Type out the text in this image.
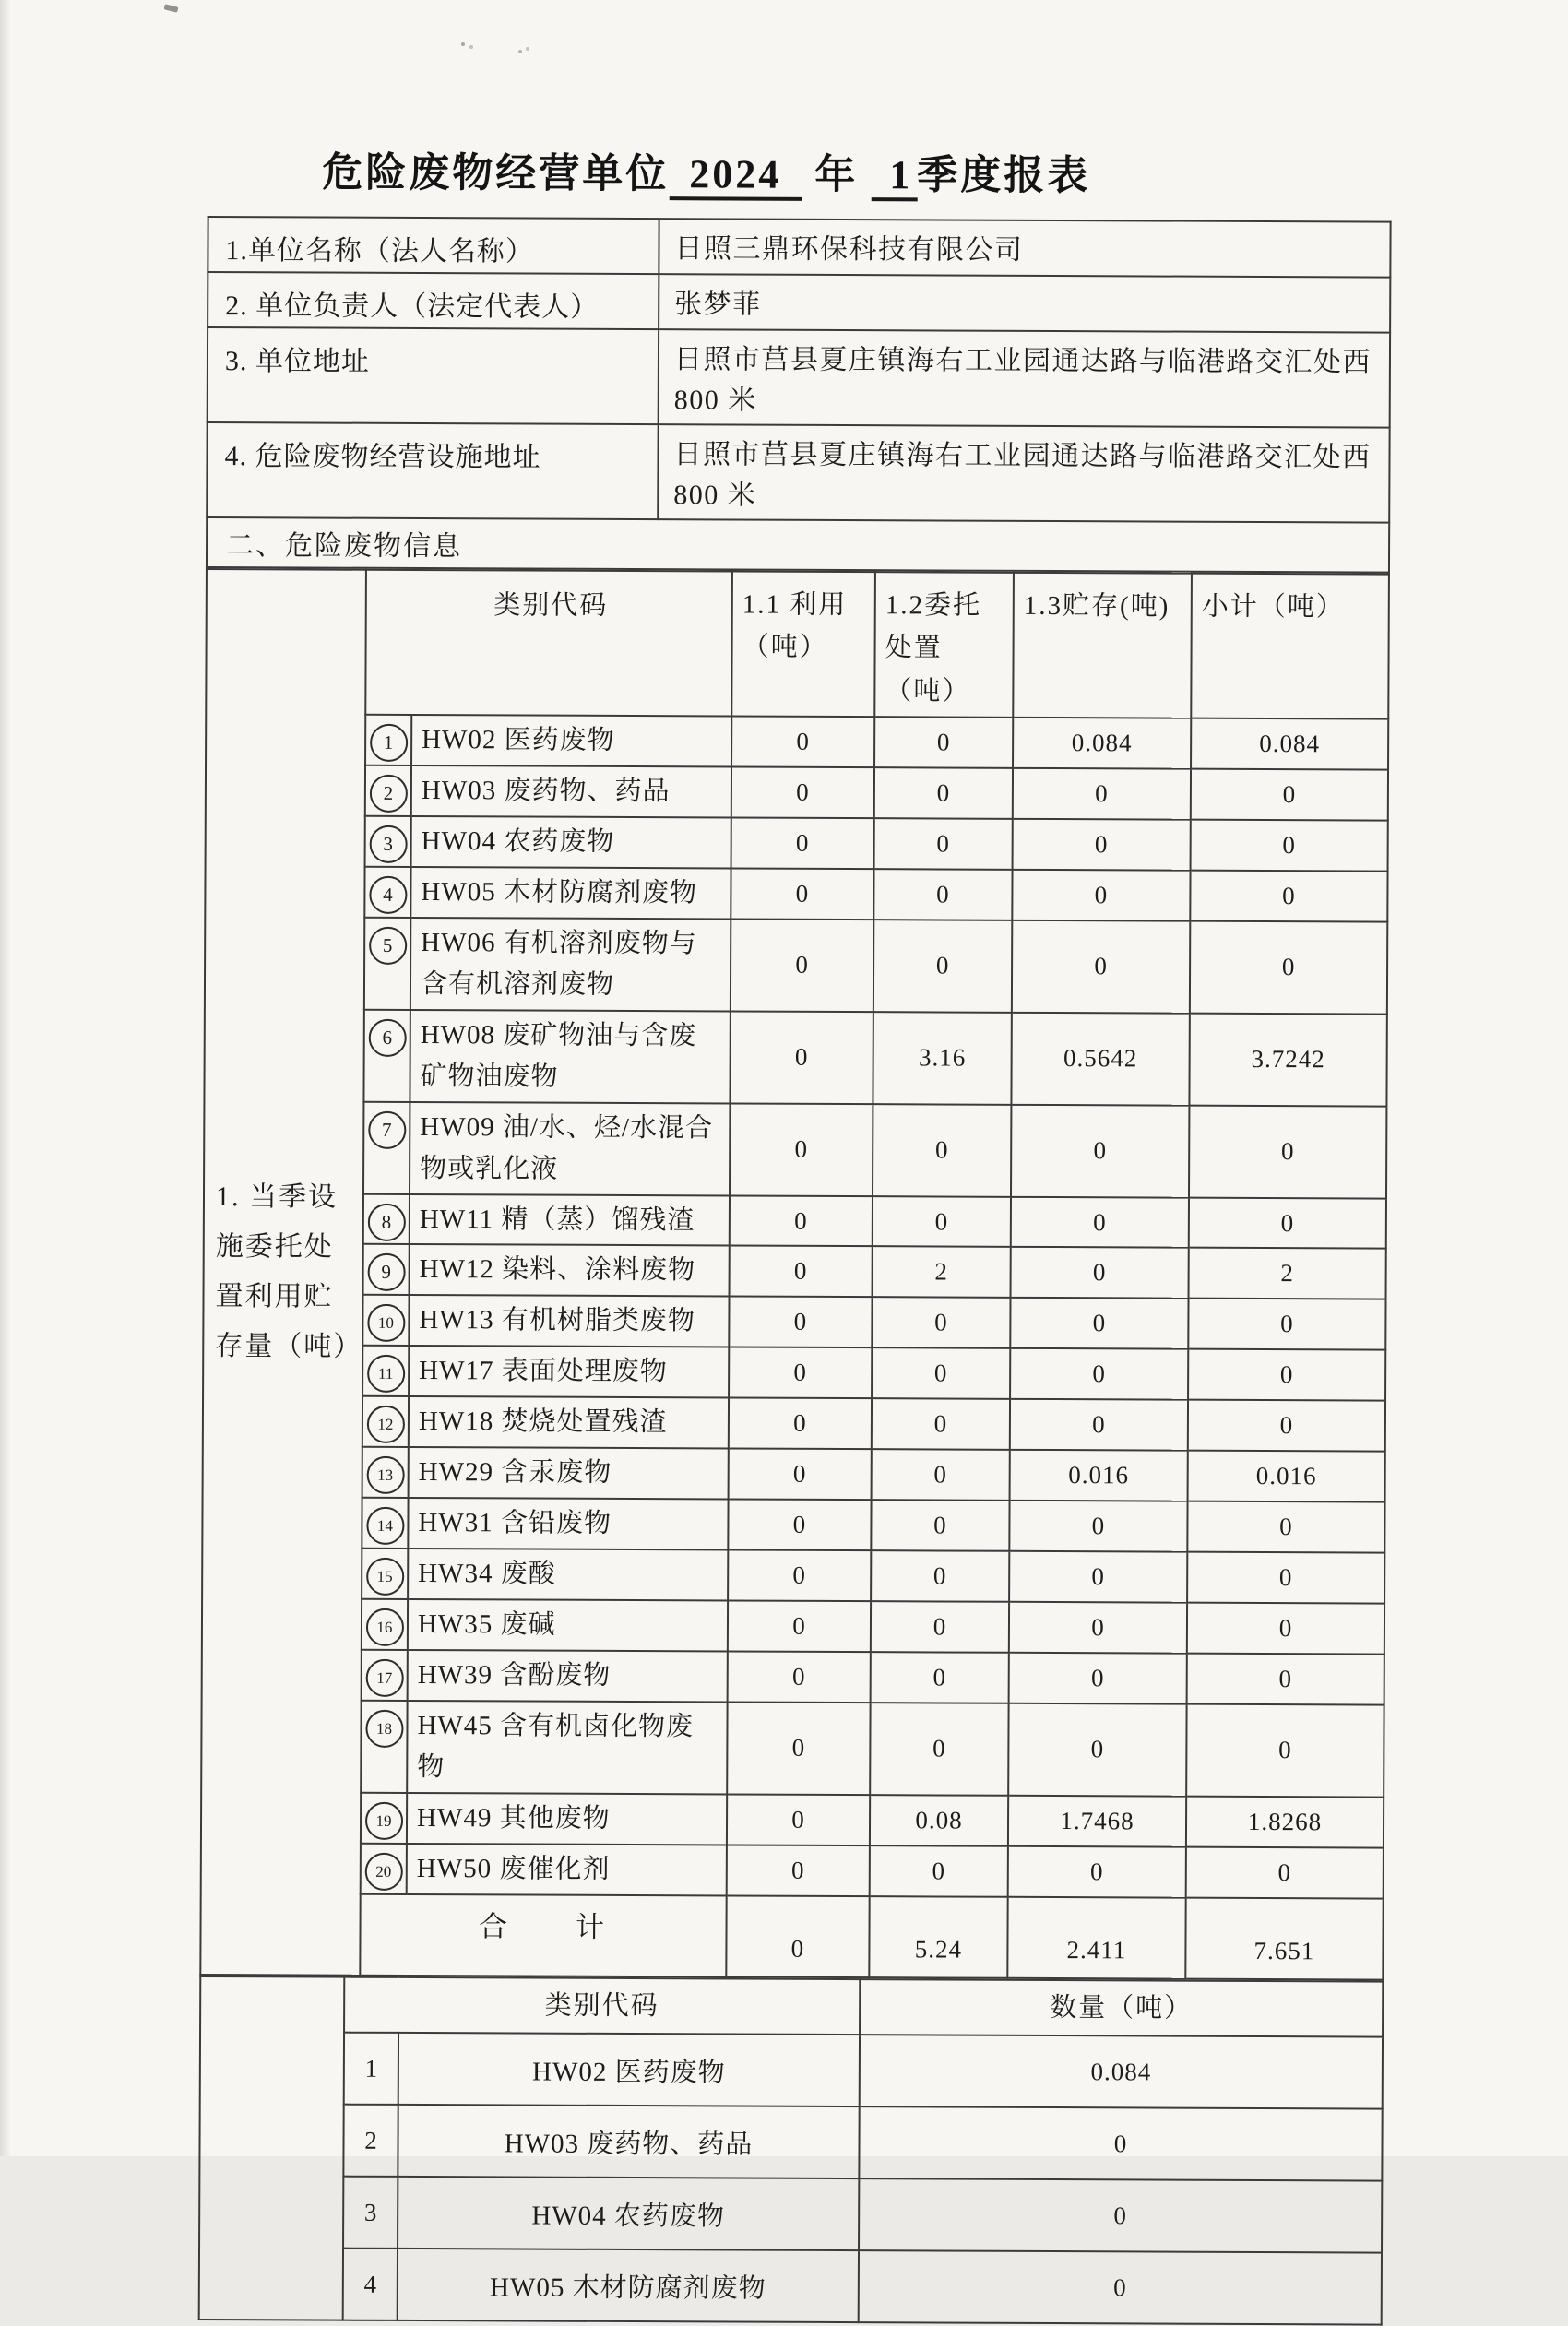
危险废物经营单位 2024 年 1 季度报表
1.单位名称（法人名称）	日照三鼎环保科技有限公司
2. 单位负责人（法定代表人）	张梦菲
3. 单位地址	日照市莒县夏庄镇海右工业园通达路与临港路交汇处西 800 米
4. 危险废物经营设施地址	日照市莒县夏庄镇海右工业园通达路与临港路交汇处西 800 米
二、危险废物信息	
1. 当季设施委托处置利用贮存量（吨）	类别代码		1.1 利用（吨）	1.2委托处置（吨）	1.3贮存(吨)	小计（吨）
	1	HW02 医药废物	0	0	0.084	0.084
	2	HW03 废药物、药品	0	0	0	0
	3	HW04 农药废物	0	0	0	0
	4	HW05 木材防腐剂废物	0	0	0	0
	5	HW06 有机溶剂废物与含有机溶剂废物	0	0	0	0
	6	HW08 废矿物油与含废矿物油废物	0	3.16	0.5642	3.7242
	7	HW09 油/水、烃/水混合物或乳化液	0	0	0	0
	8	HW11 精（蒸）馏残渣	0	0	0	0
	9	HW12 染料、涂料废物	0	2	0	2
	10	HW13 有机树脂类废物	0	0	0	0
	11	HW17 表面处理废物	0	0	0	0
	12	HW18 焚烧处置残渣	0	0	0	0
	13	HW29 含汞废物	0	0	0.016	0.016
	14	HW31 含铅废物	0	0	0	0
	15	HW34 废酸	0	0	0	0
	16	HW35 废碱	0	0	0	0
	17	HW39 含酚废物	0	0	0	0
	18	HW45 含有机卤化物废物	0	0	0	0
	19	HW49 其他废物	0	0.08	1.7468	1.8268
	20	HW50 废催化剂	0	0	0	0
	合　　计		0	5.24	2.411	7.651
	类别代码		数量（吨）
	1	HW02 医药废物	0.084
	2	HW03 废药物、药品	0
	3	HW04 农药废物	0
	4	HW05 木材防腐剂废物	0
